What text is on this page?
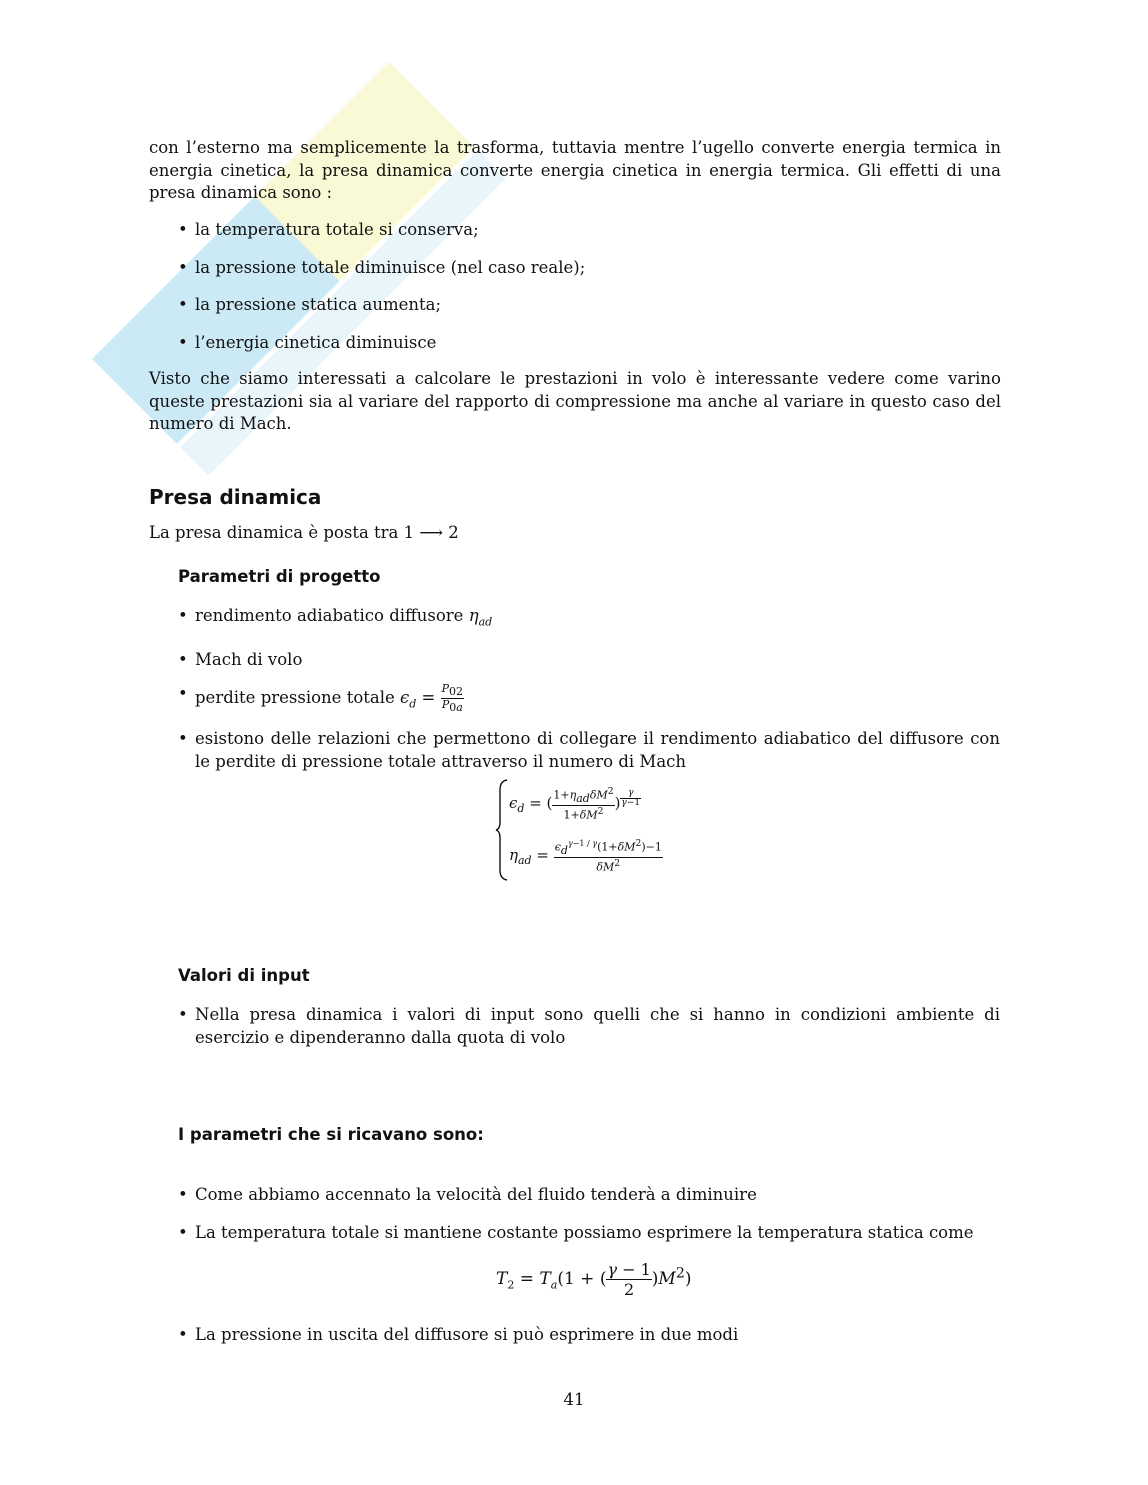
con l’esterno ma semplicemente la trasforma, tuttavia mentre l’ugello converte energia termica in energia cinetica, la presa dinamica converte energia cinetica in energia termica. Gli effetti di una presa dinamica sono :
• la temperatura totale si conserva;
• la pressione totale diminuisce (nel caso reale);
• la pressione statica aumenta;
• l’energia cinetica diminuisce
Visto che siamo interessati a calcolare le prestazioni in volo è interessante vedere come varino queste prestazioni sia al variare del rapporto di compressione ma anche al variare in questo caso del numero di Mach.
Presa dinamica
La presa dinamica è posta tra 1 ⟶ 2
Parametri di progetto
• rendimento adiabatico diffusore $\eta_{ad}$
• Mach di volo
• perdite pressione totale $\epsilon_d = \frac{P_{02}}{P_{0a}}$
• esistono delle relazioni che permettono di collegare il rendimento adiabatico del diffusore con le perdite di pressione totale attraverso il numero di Mach
$\epsilon_d$ = ( $\frac{1+\eta_{ad}\delta M^2}{1+\delta M^2}$ ) $^{\frac{\gamma}{\gamma-1}}$
$\eta_{ad} = \frac{\epsilon_d^{\gamma-1 / \gamma}(1+\delta M^2)-1}{\delta M^2}$
Valori di input
• Nella presa dinamica i valori di input sono quelli che si hanno in condizioni ambiente di esercizio e dipenderanno dalla quota di volo
I parametri che si ricavano sono:
• Come abbiamo accennato la velocità del fluido tenderà a diminuire
• La temperatura totale si mantiene costante possiamo esprimere la temperatura statica come
$T_2 = T_a(1$ + ( $\frac{\gamma - 1}{2} )M^2$)
• La pressione in uscita del diffusore si può esprimere in due modi
41
